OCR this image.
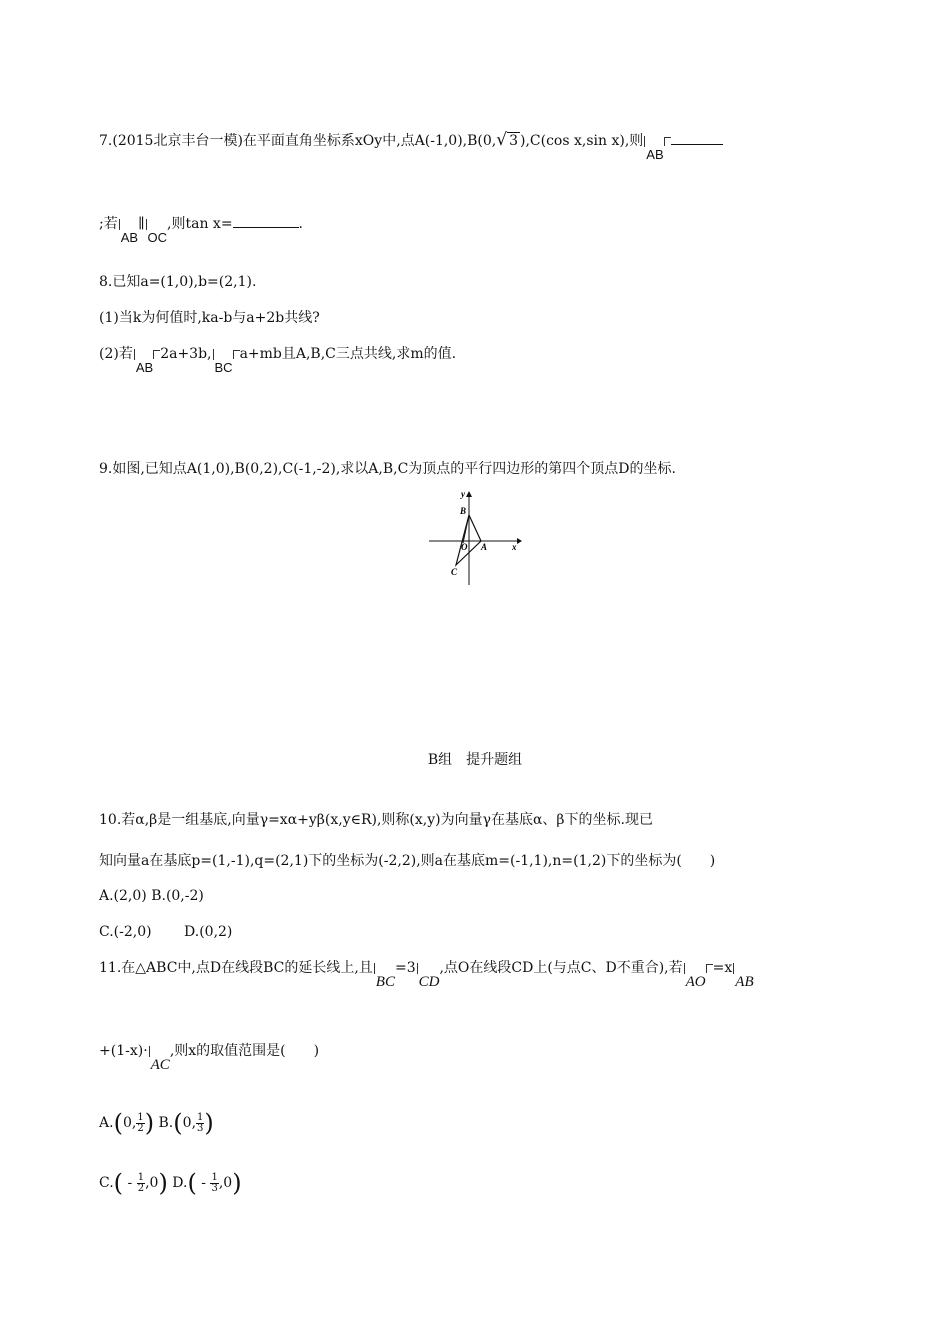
7.(2015北京丰台一模)在平面直角坐标系xOy中,点A(-1,0),B(0,√ 3 ),C(cos x,sin x),则AB
;若AB∥OC,则tan x=	.
8.已知a=(1,0),b=(2,1).
(1)当k为何值时,ka-b与a+2b共线?
(2)若AB2a+3b,BCa+mb且A,B,C三点共线,求m的值.
9.如图,已知点A(1,0),B(0,2),C(-1,-2),求以A,B,C为顶点的平行四边形的第四个顶点D的坐标.
y
x
B
A
O
C
B组　提升题组
10.若α,β是一组基底,向量γ=xα+yβ(x,y∈R),则称(x,y)为向量γ在基底α、β下的坐标.现已
知向量a在基底p=(1,-1),q=(2,1)下的坐标为(-2,2),则a在基底m=(-1,1),n=(1,2)下的坐标为(　　)
A.(2,0) B.(0,-2)
C.(-2,0)　　 D.(0,2)
11.在△ABC中,点D在线段BC的延长线上,且BC=3CD,点O在线段CD上(与点C、D不重合),若AO=xAB
+(1-x)·AC,则x的取值范围是(　　)
A.(0, $\frac{1}{2}$ ) B.(0, $\frac{1}{3}$ )
$C.( - \frac{1}{2} ,0)$ $D.( - \frac{1}{3} ,0)$
